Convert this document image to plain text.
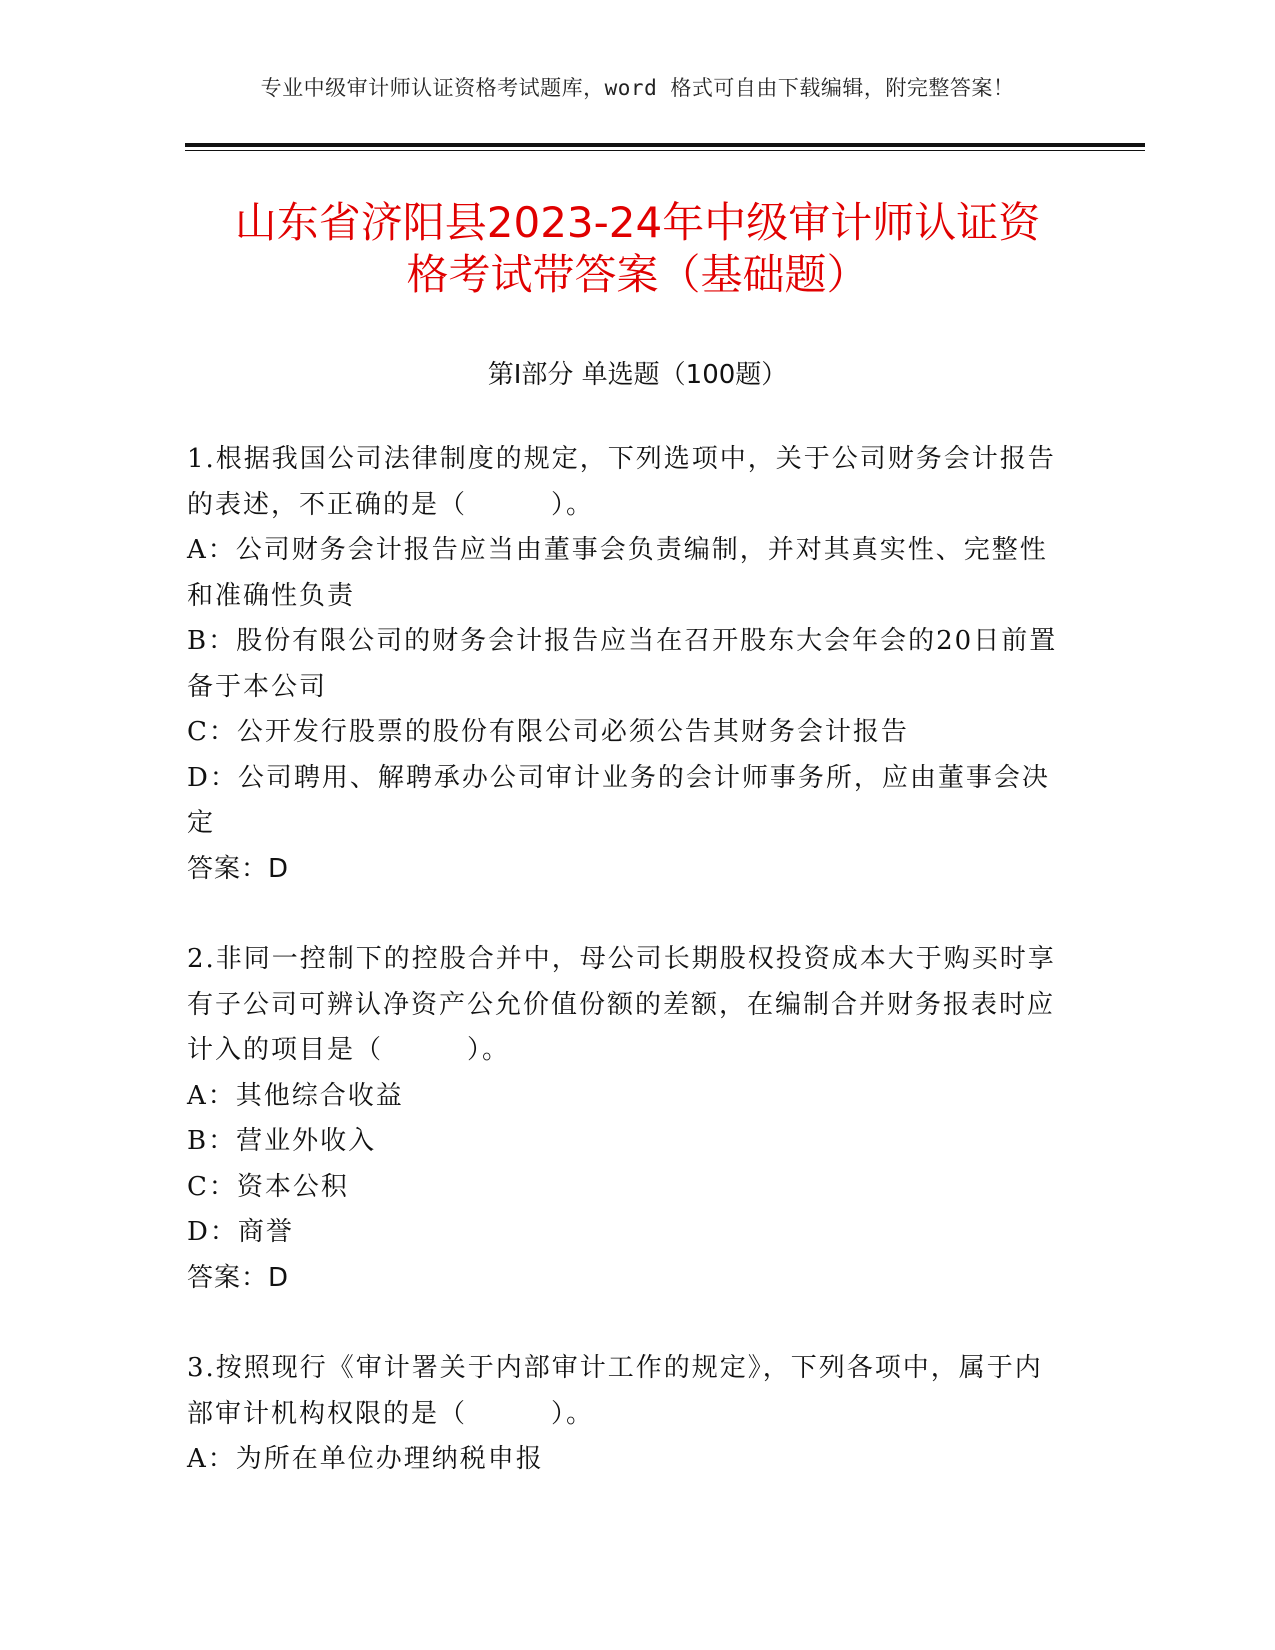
专业中级审计师认证资格考试题库，word 格式可自由下载编辑，附完整答案！
山东省济阳县2023-24年中级审计师认证资
格考试带答案（基础题）
第Ⅰ部分 单选题（100题）

1.根据我国公司法律制度的规定，下列选项中，关于公司财务会计报告的表述，不正确的是（　　　）。

A：公司财务会计报告应当由董事会负责编制，并对其真实性、完整性和准确性负责

B：股份有限公司的财务会计报告应当在召开股东大会年会的20日前置备于本公司

C：公开发行股票的股份有限公司必须公告其财务会计报告

D：公司聘用、解聘承办公司审计业务的会计师事务所，应由董事会决定

答案：D

2.非同一控制下的控股合并中，母公司长期股权投资成本大于购买时享有子公司可辨认净资产公允价值份额的差额，在编制合并财务报表时应计入的项目是（　　　）。

A：其他综合收益

B：营业外收入

C：资本公积

D：商誉

答案：D

3.按照现行《审计署关于内部审计工作的规定》，下列各项中，属于内部审计机构权限的是（　　　）。

A：为所在单位办理纳税申报
